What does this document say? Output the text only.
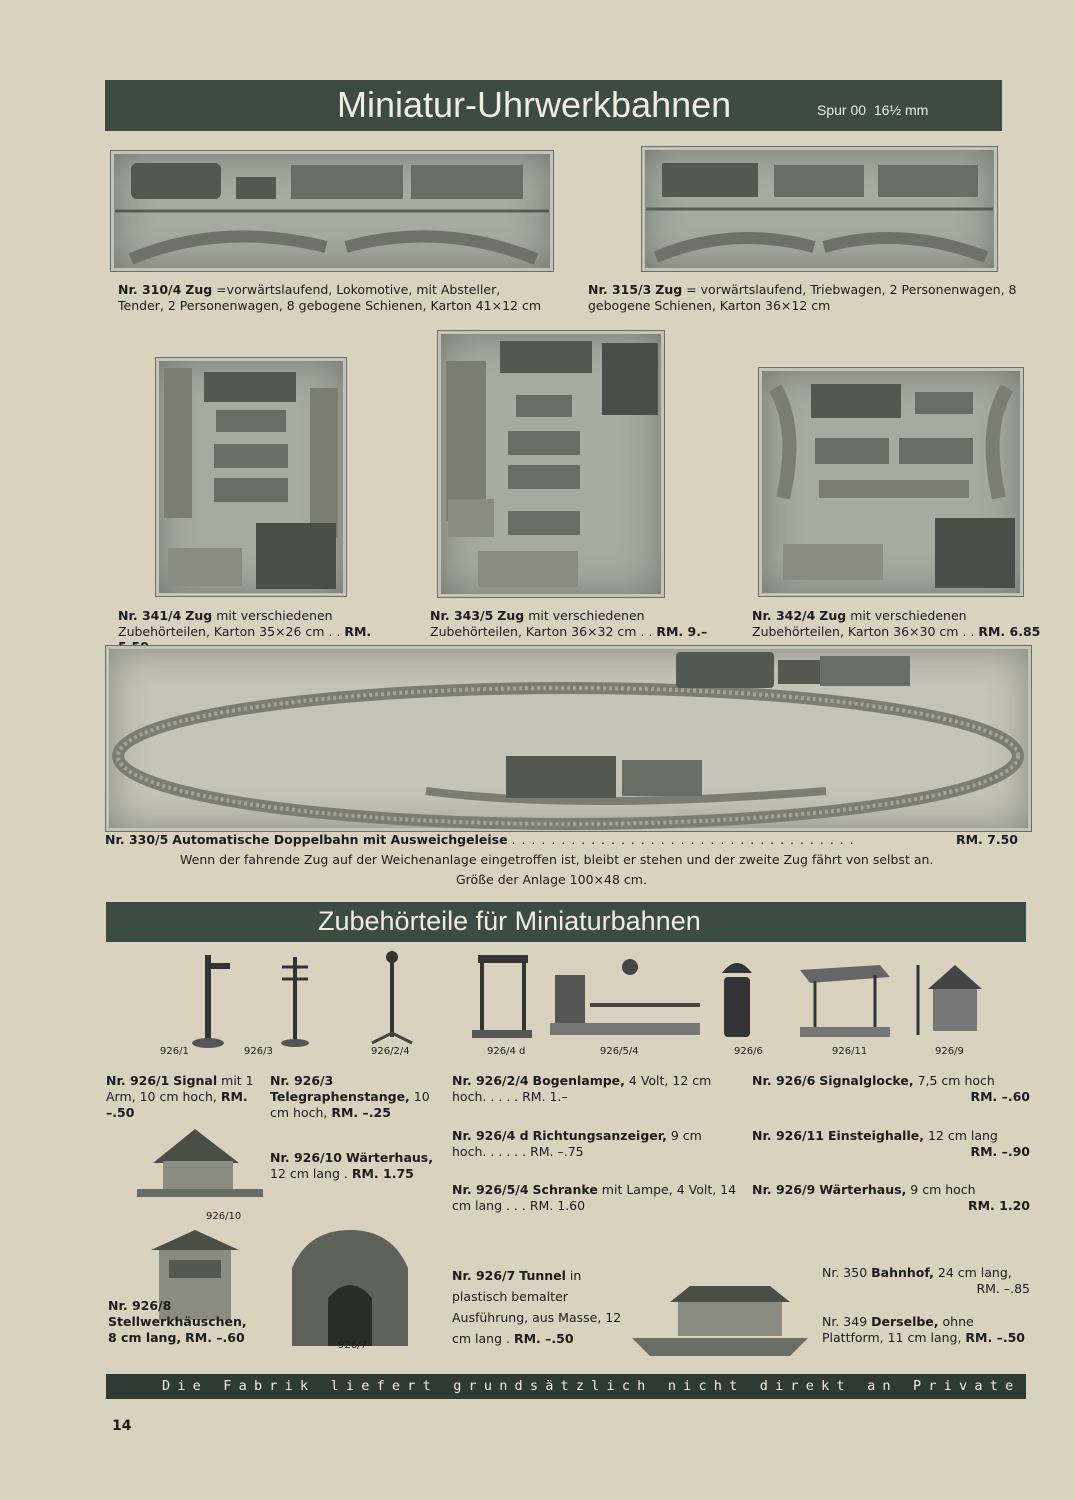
Miniatur-Uhrwerkbahnen	Spur 00  16½ mm
Nr. 310/4 Zug =vorwärtslaufend, Lokomotive, mit Absteller, Tender, 2 Personenwagen, 8 gebogene Schienen, Karton 41×12 cm
Nr. 315/3 Zug = vorwärtslaufend, Triebwagen, 2 Personenwagen, 8 gebogene Schienen, Karton 36×12 cm
Nr. 341/4 Zug mit verschiedenen Zubehörteilen, Karton 35×26 cm . . RM.
Nr. 343/5 Zug mit verschiedenen Zubehörteilen, Karton 36×32 cm . . RM. 9.–
Nr. 342/4 Zug mit verschiedenen Zubehörteilen, Karton 36×30 cm . . RM. 6.85
Nr. 330/5 Automatische Doppelbahn mit Ausweichgeleise . . . . . . . . . . . . . . . . . . . . . . . . . . . . . . . . . . .	RM. 7.50
Wenn der fahrende Zug auf der Weichenanlage eingetroffen ist, bleibt er stehen und der zweite Zug fährt von selbst an.
Größe der Anlage 100×48 cm.
Zubehörteile für Miniaturbahnen
926/1	926/3	926/2/4	926/4 d	926/5/4	926/6	926/11	926/9
Nr. 926/1 Signal mit 1 Arm, 10 cm hoch, RM. –.50
Nr. 926/3 Telegraphenstange, 10 cm hoch, RM. –.25
Nr. 926/10 Wärterhaus, 12 cm lang . RM. 1.75
926/10
Nr. 926/8 Stellwerkhäuschen, 8 cm lang, RM. –.60
926/7
Nr. 926/2/4 Bogenlampe, 4 Volt, 12 cm hoch. . . . . RM. 1.–
Nr. 926/4 d Richtungsanzeiger, 9 cm hoch. . . . . . RM. –.75
Nr. 926/5/4 Schranke mit Lampe, 4 Volt, 14 cm lang . . . RM. 1.60
Nr. 926/7 Tunnel in plastisch bemalter Ausführung, aus Masse, 12 cm lang . RM. –.50
Nr. 926/6 Signalglocke, 7,5 cm hoch
RM. –.60
Nr. 926/11 Einsteighalle, 12 cm lang
RM. –.90
Nr. 926/9 Wärterhaus, 9 cm hoch
RM. 1.20
Nr. 350 Bahnhof, 24 cm lang,
RM. –.85
Nr. 349 Derselbe, ohne Plattform, 11 cm lang, RM. –.50
Die Fabrik liefert grundsätzlich nicht direkt an Private
14
